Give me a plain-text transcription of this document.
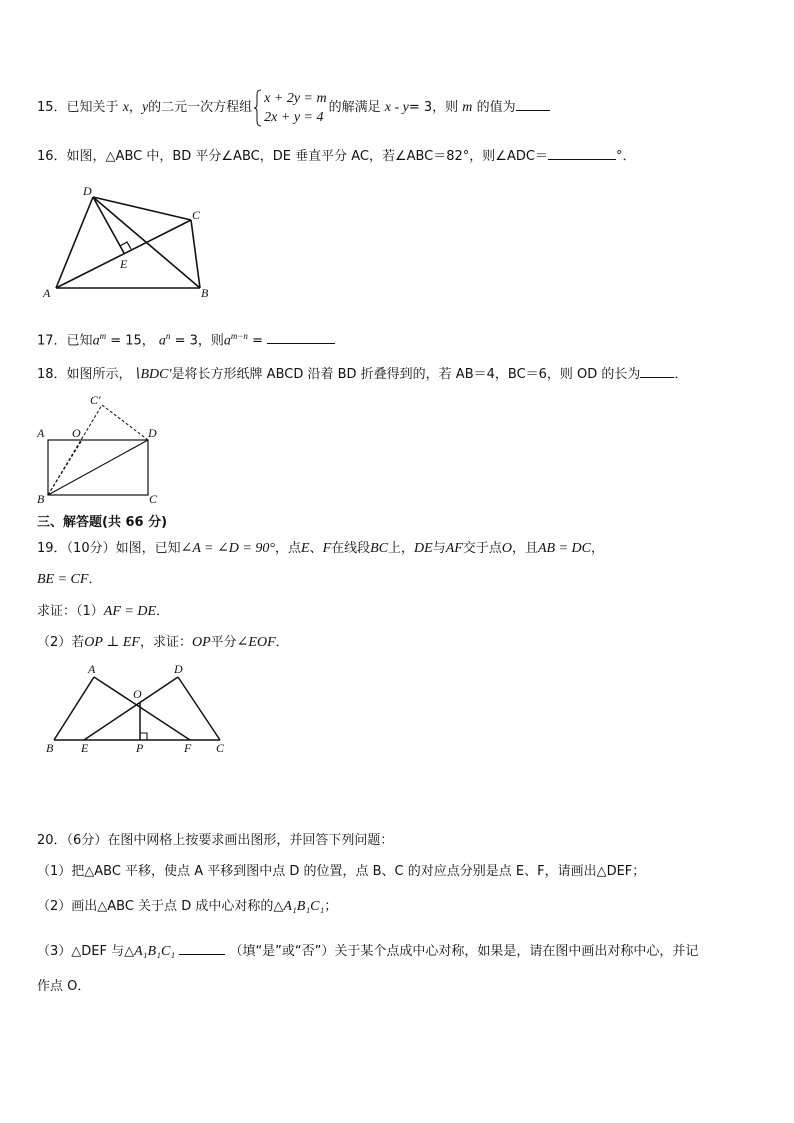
15．已知关于 x，y的二元一次方程组
x + 2y = m
2x + y = 4
的解满足 x - y= 3，则 m 的值为
16．如图，△ABC 中，BD 平分∠ABC，DE 垂直平分 AC，若∠ABC＝82°，则∠ADC＝	°．
D
C
E
A	B
17．已知$a^m = 15$， $a^n = 3$，则$a^{m-n}$ =
18．如图所示，∖BDC′是将长方形纸牌 ABCD 沿着 BD 折叠得到的，若 AB＝4，BC＝6，则 OD 的长为	．
C′
A O	D
B	C
三、解答题(共 66 分)
19．（10分）如图，已知∠A = ∠D = 90°，点E、F在线段BC上，DE与AF交于点O，且AB = DC，
BE = CF．
求证：（1）AF = DE．
（2）若OP ⊥ EF，求证：OP平分∠EOF．
A	D
O
B E	P	F C
20．（6分）在图中网格上按要求画出图形，并回答下列问题：
（1）把△ABC 平移，使点 A 平移到图中点 D 的位置，点 B、C 的对应点分别是点 E、F，请画出△DEF；
（2）画出△ABC 关于点 D 成中心对称的△A₁B₁C₁；
（3）△DEF 与△A₁B₁C₁	（填“是”或“否”）关于某个点成中心对称，如果是，请在图中画出对称中心，并记
作点 O．
